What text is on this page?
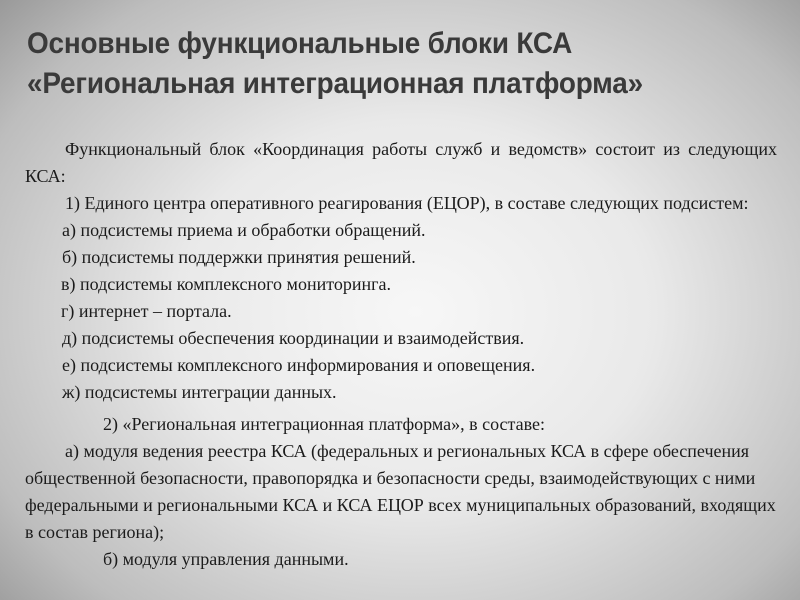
Основные функциональные блоки КСА
«Региональная интеграционная платформа»

Функциональный блок «Координация работы служб и ведомств» состоит из следующих КСА:

1) Единого центра оперативного реагирования (ЕЦОР), в составе следующих подсистем:

а) подсистемы приема и обработки обращений.

б) подсистемы поддержки принятия решений.

в) подсистемы комплексного мониторинга.

г) интернет – портала.

д) подсистемы обеспечения координации и взаимодействия.

е) подсистемы комплексного информирования и оповещения.

ж) подсистемы интеграции данных.

2) «Региональная интеграционная платформа», в составе:

а) модуля ведения реестра КСА (федеральных и региональных КСА в сфере обеспечения общественной безопасности, правопорядка и безопасности среды, взаимодействующих с ними федеральными и региональными КСА и КСА ЕЦОР всех муниципальных образований, входящих в состав региона);

б) модуля управления данными.
